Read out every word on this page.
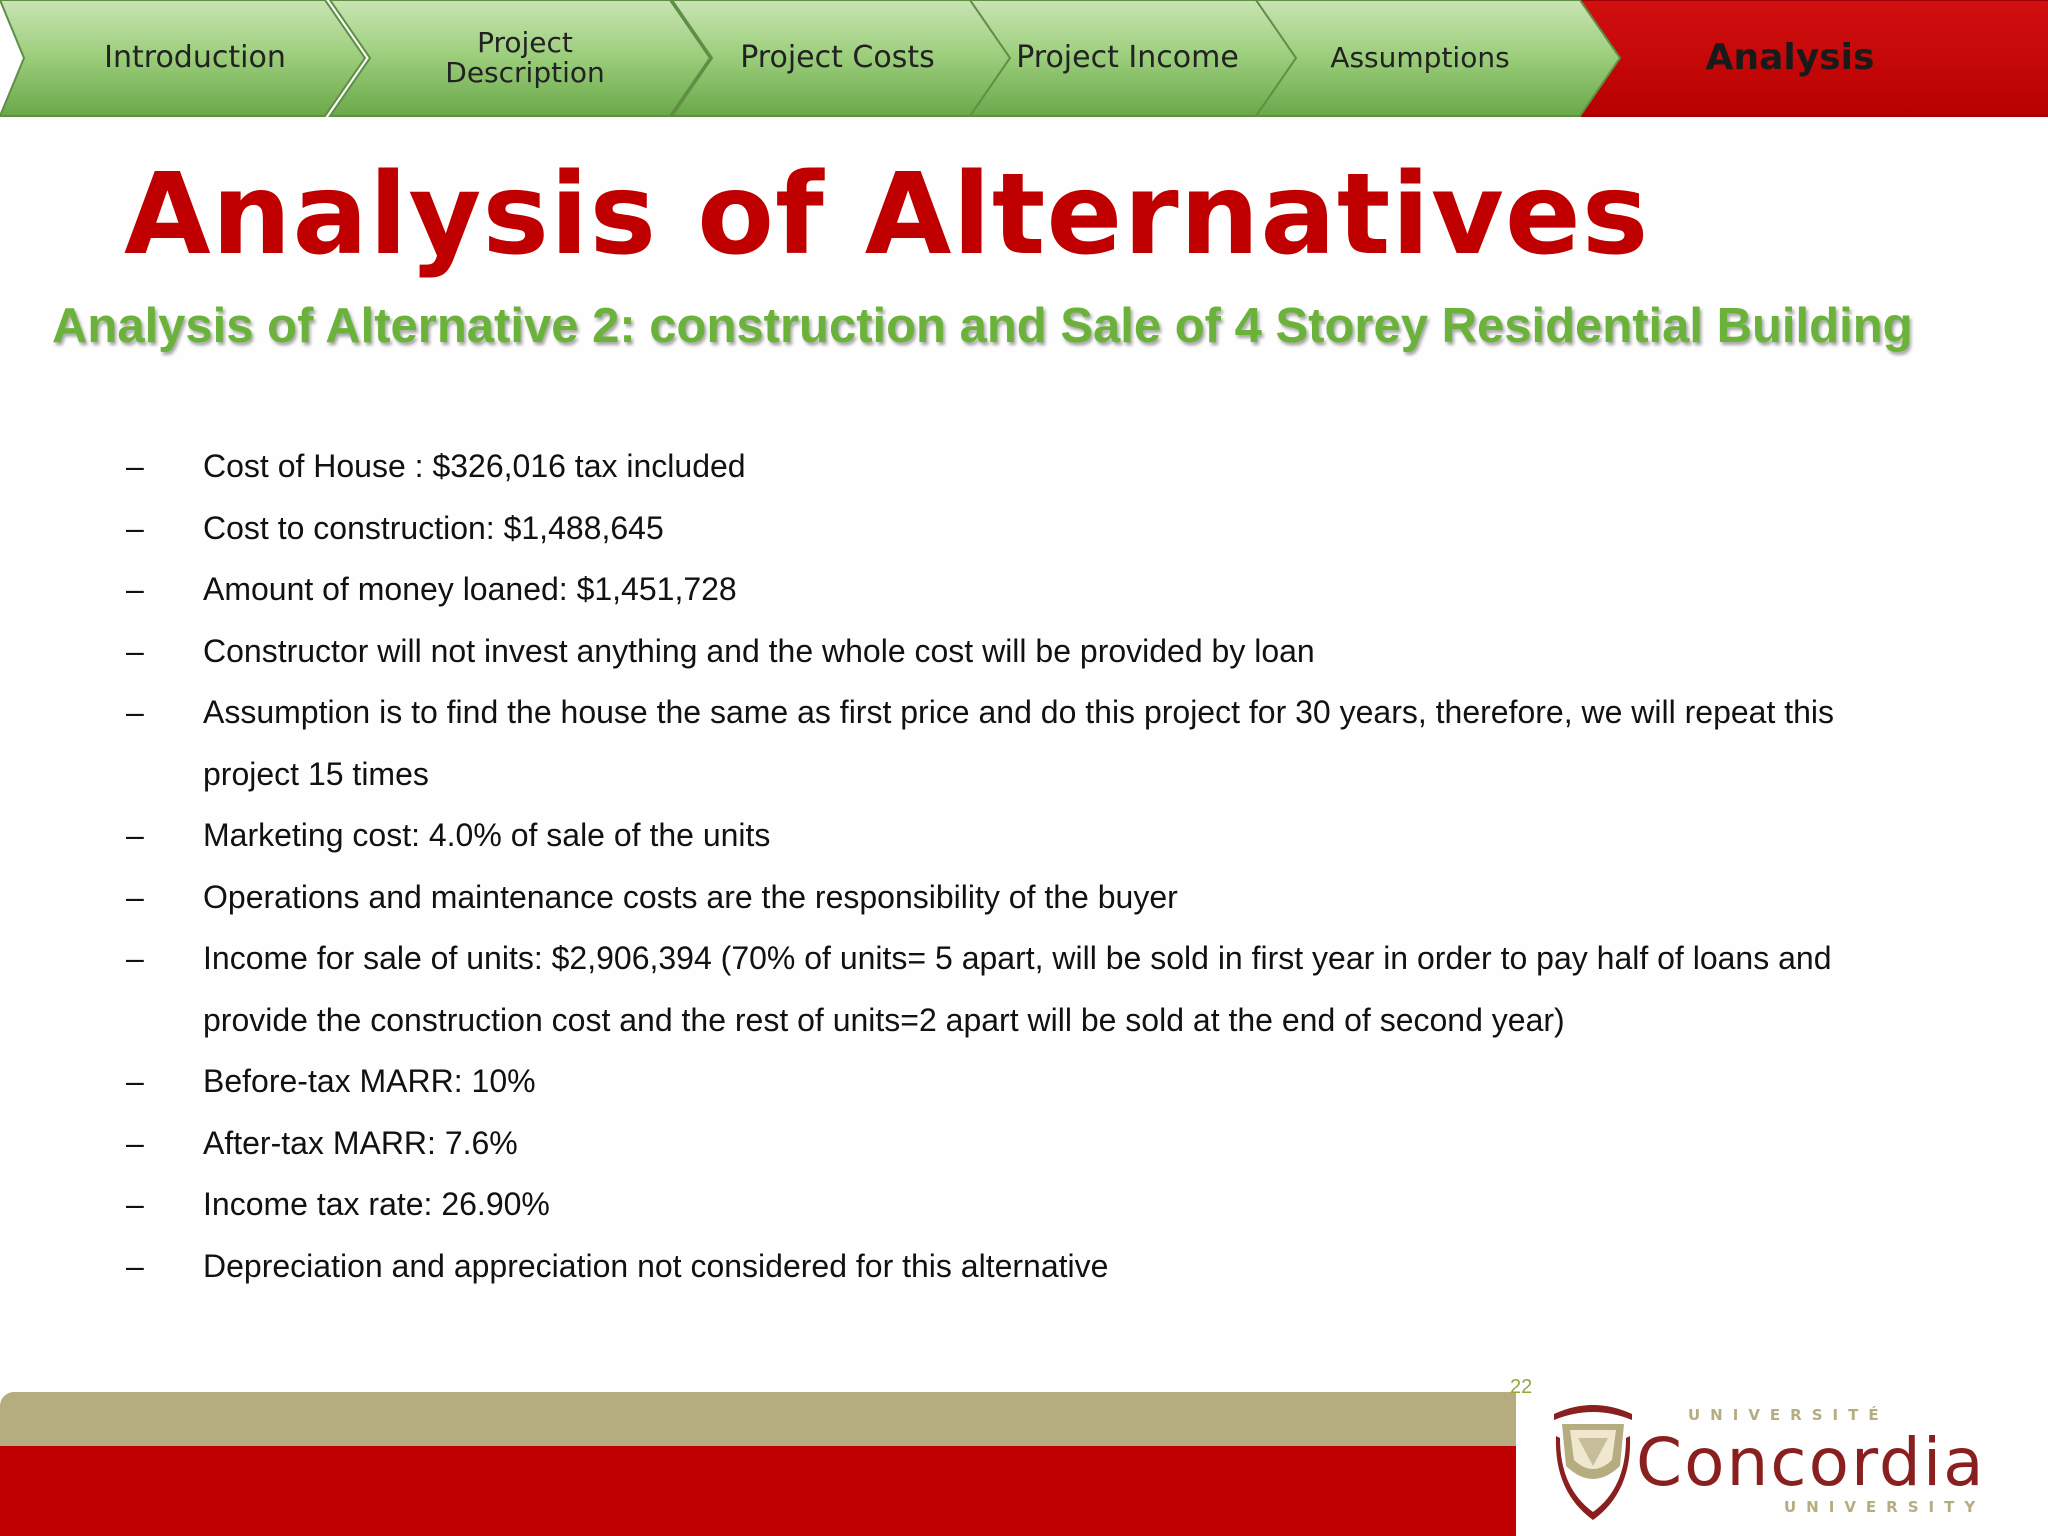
Introduction	Project
Description	Project Costs	Project Income	Assumptions	Analysis
Analysis of Alternatives
Analysis of Alternative 2: construction and Sale of 4 Storey Residential Building
–	Cost of House : $326,016 tax included
–	Cost to construction: $1,488,645
–	Amount of money loaned: $1,451,728
–	Constructor will not invest anything and the whole cost will be provided by loan
–	Assumption is to find the house the same as first price and do this project for 30 years, therefore, we will repeat this project 15 times
–	Marketing cost: 4.0% of sale of the units
–	Operations and maintenance costs are the responsibility of the buyer
–	Income for sale of units: $2,906,394 (70% of units= 5 apart, will be sold in first year in order to pay half of loans and provide the construction cost and the rest of units=2 apart will be sold at the end of second year)
–	Before-tax MARR: 10%
–	After-tax MARR: 7.6%
–	Income tax rate: 26.90%
–	Depreciation and appreciation not considered for this alternative
22
UNIVERSITÉ
Concordia
UNIVERSITY
